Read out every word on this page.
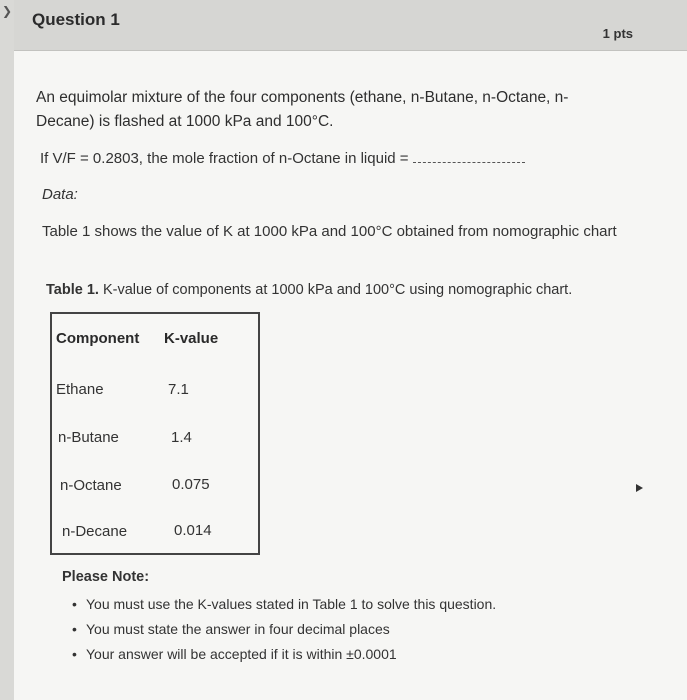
❯ Question 1
1 pts
An equimolar mixture of the four components (ethane, n-Butane, n-Octane, n-Decane) is flashed at 1000 kPa and 100°C.
If V/F = 0.2803, the mole fraction of n-Octane in liquid =
Data:
Table 1 shows the value of K at 1000 kPa and 100°C obtained from nomographic chart
Table 1. K-value of components at 1000 kPa and 100°C using nomographic chart.
Component K-value
Ethane	7.1
n-Butane	1.4
n-Octane	0.075
n-Decane	0.014
Please Note:
• You must use the K-values stated in Table 1 to solve this question.
• You must state the answer in four decimal places
• Your answer will be accepted if it is within ±0.0001
